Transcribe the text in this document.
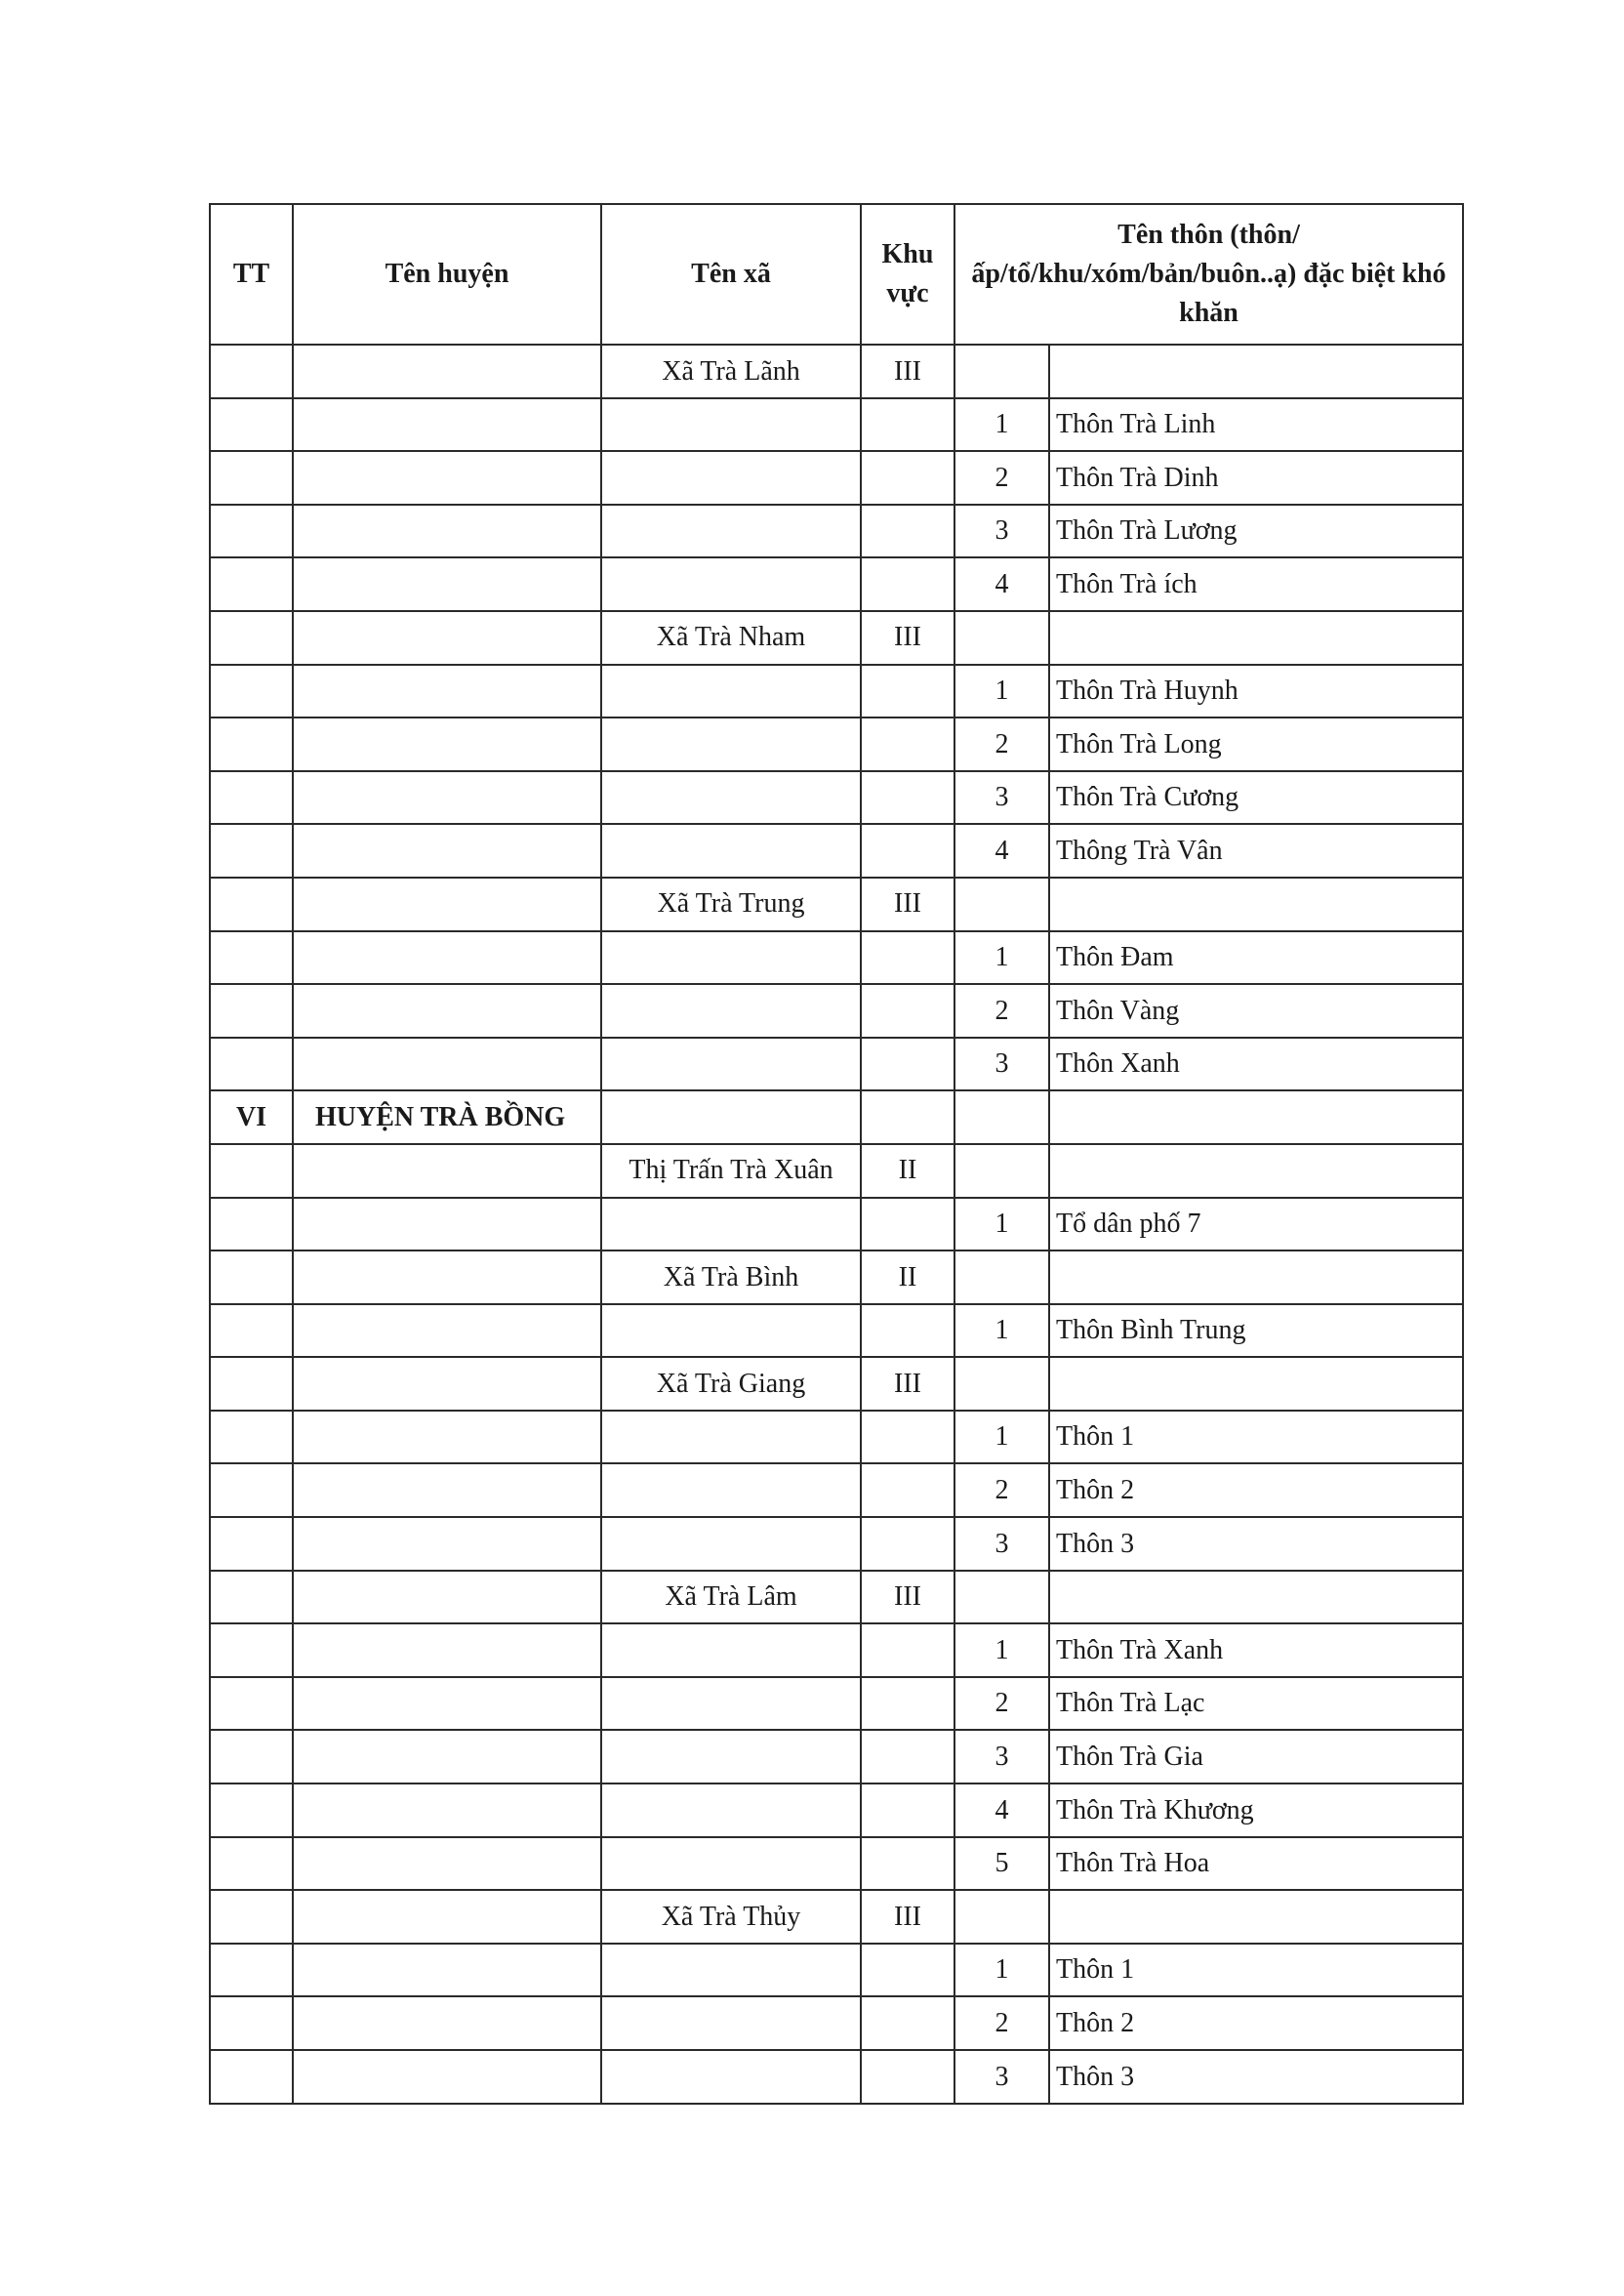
TT	Tên huyện	Tên xã	Khu vực	Tên thôn (thôn/ấp/tổ/khu/xóm/bản/buôn..ạ) đặc biệt khó khăn	
		Xã Trà Lãnh	III		
				1	Thôn Trà Linh
				2	Thôn Trà Dinh
				3	Thôn Trà Lương
				4	Thôn Trà ích
		Xã Trà Nham	III		
				1	Thôn Trà Huynh
				2	Thôn Trà Long
				3	Thôn Trà Cương
				4	Thông Trà Vân
		Xã Trà Trung	III		
				1	Thôn Đam
				2	Thôn Vàng
				3	Thôn Xanh
VI	HUYỆN TRÀ BỒNG				
		Thị Trấn Trà Xuân	II		
				1	Tổ dân phố 7
		Xã Trà Bình	II		
				1	Thôn Bình Trung
		Xã Trà Giang	III		
				1	Thôn 1
				2	Thôn 2
				3	Thôn 3
		Xã Trà Lâm	III		
				1	Thôn Trà Xanh
				2	Thôn Trà Lạc
				3	Thôn Trà Gia
				4	Thôn Trà Khương
				5	Thôn Trà Hoa
		Xã Trà Thủy	III		
				1	Thôn 1
				2	Thôn 2
				3	Thôn 3
